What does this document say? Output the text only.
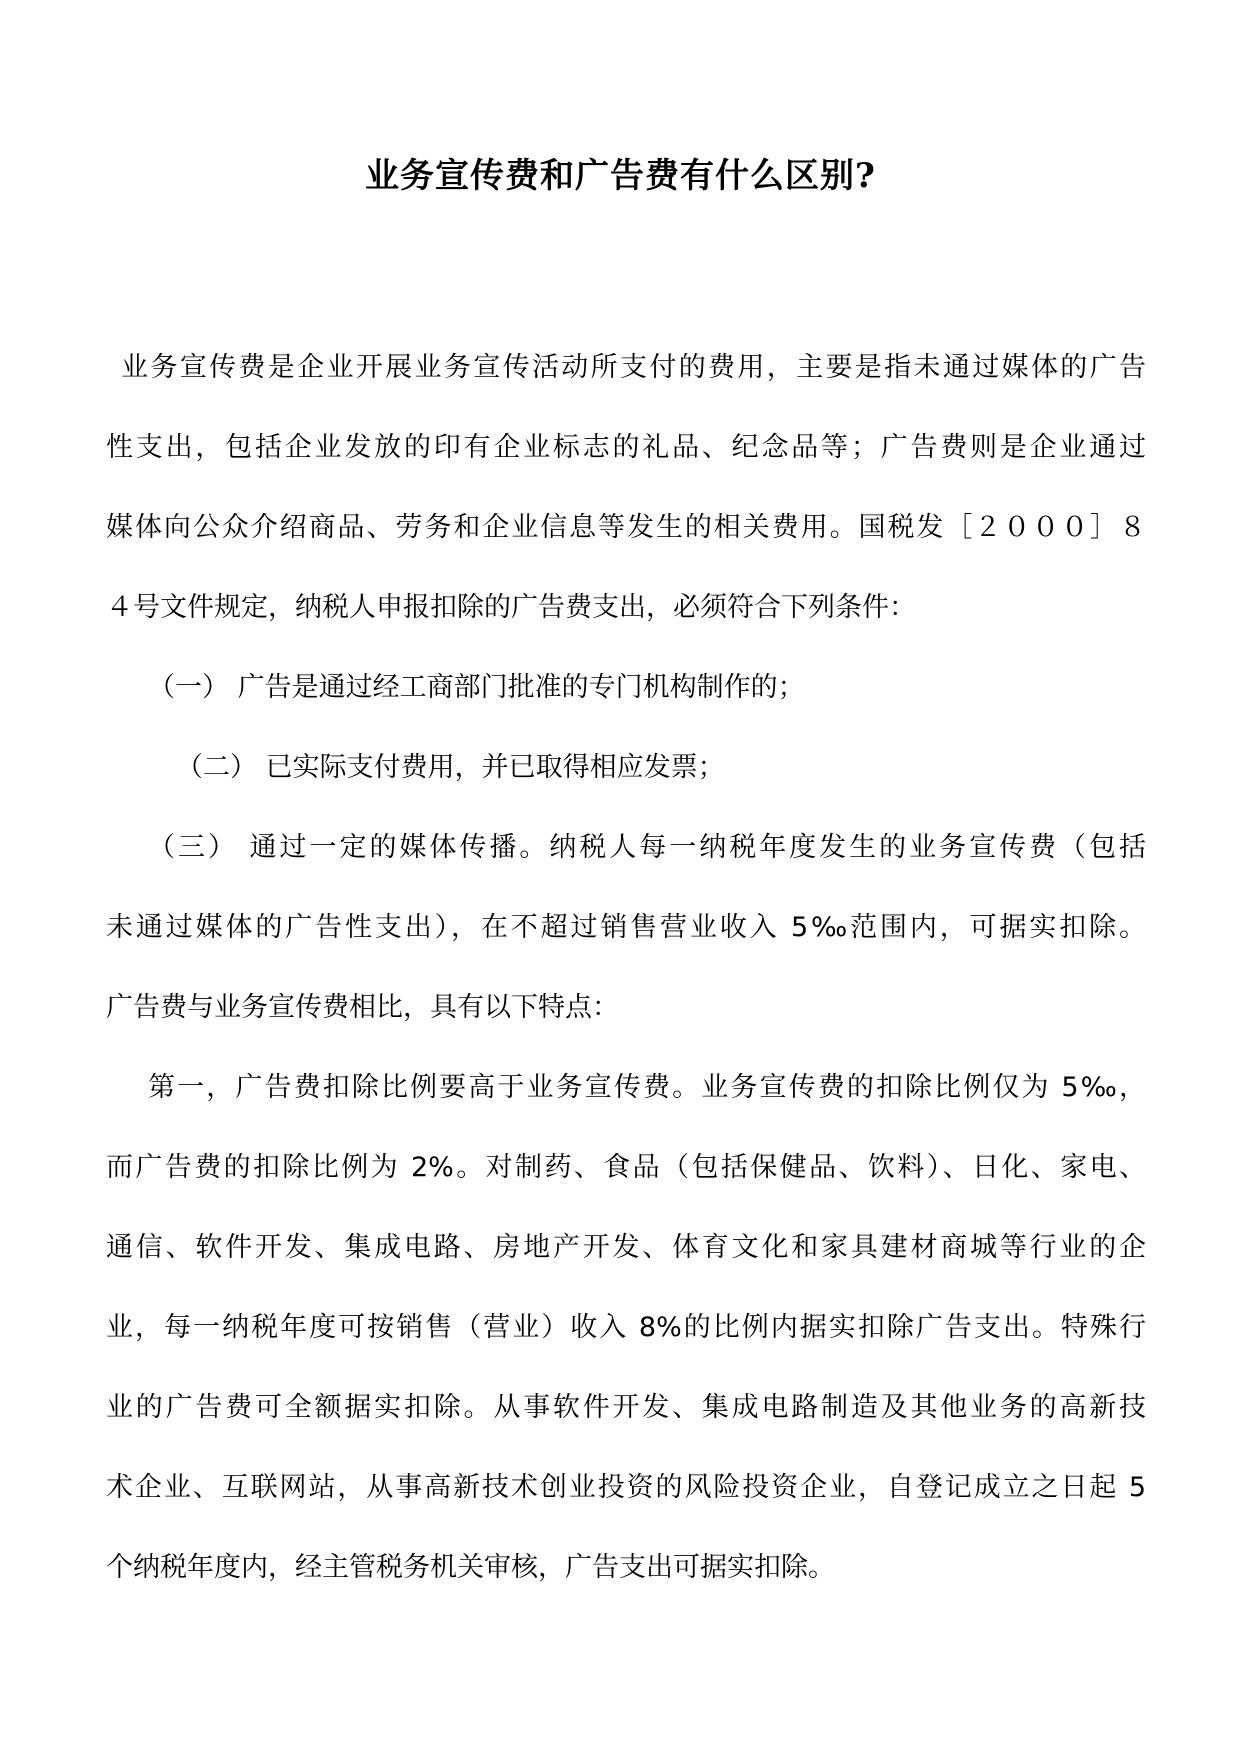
业务宣传费和广告费有什么区别?
业务宣传费是企业开展业务宣传活动所支付的费用，主要是指未通过媒体的广告
性支出，包括企业发放的印有企业标志的礼品、纪念品等；广告费则是企业通过
媒体向公众介绍商品、劳务和企业信息等发生的相关费用。国税发［２０００］８
４号文件规定，纳税人申报扣除的广告费支出，必须符合下列条件：
（一） 广告是通过经工商部门批准的专门机构制作的；
（二） 已实际支付费用，并已取得相应发票；
（三） 通过一定的媒体传播。纳税人每一纳税年度发生的业务宣传费（包括
未通过媒体的广告性支出），在不超过销售营业收入 5‰范围内，可据实扣除。
广告费与业务宣传费相比，具有以下特点：
第一，广告费扣除比例要高于业务宣传费。业务宣传费的扣除比例仅为 5‰，
而广告费的扣除比例为 2%。对制药、食品（包括保健品、饮料）、日化、家电、
通信、软件开发、集成电路、房地产开发、体育文化和家具建材商城等行业的企
业，每一纳税年度可按销售（营业）收入 8%的比例内据实扣除广告支出。特殊行
业的广告费可全额据实扣除。从事软件开发、集成电路制造及其他业务的高新技
术企业、互联网站，从事高新技术创业投资的风险投资企业，自登记成立之日起 5
个纳税年度内，经主管税务机关审核，广告支出可据实扣除。
